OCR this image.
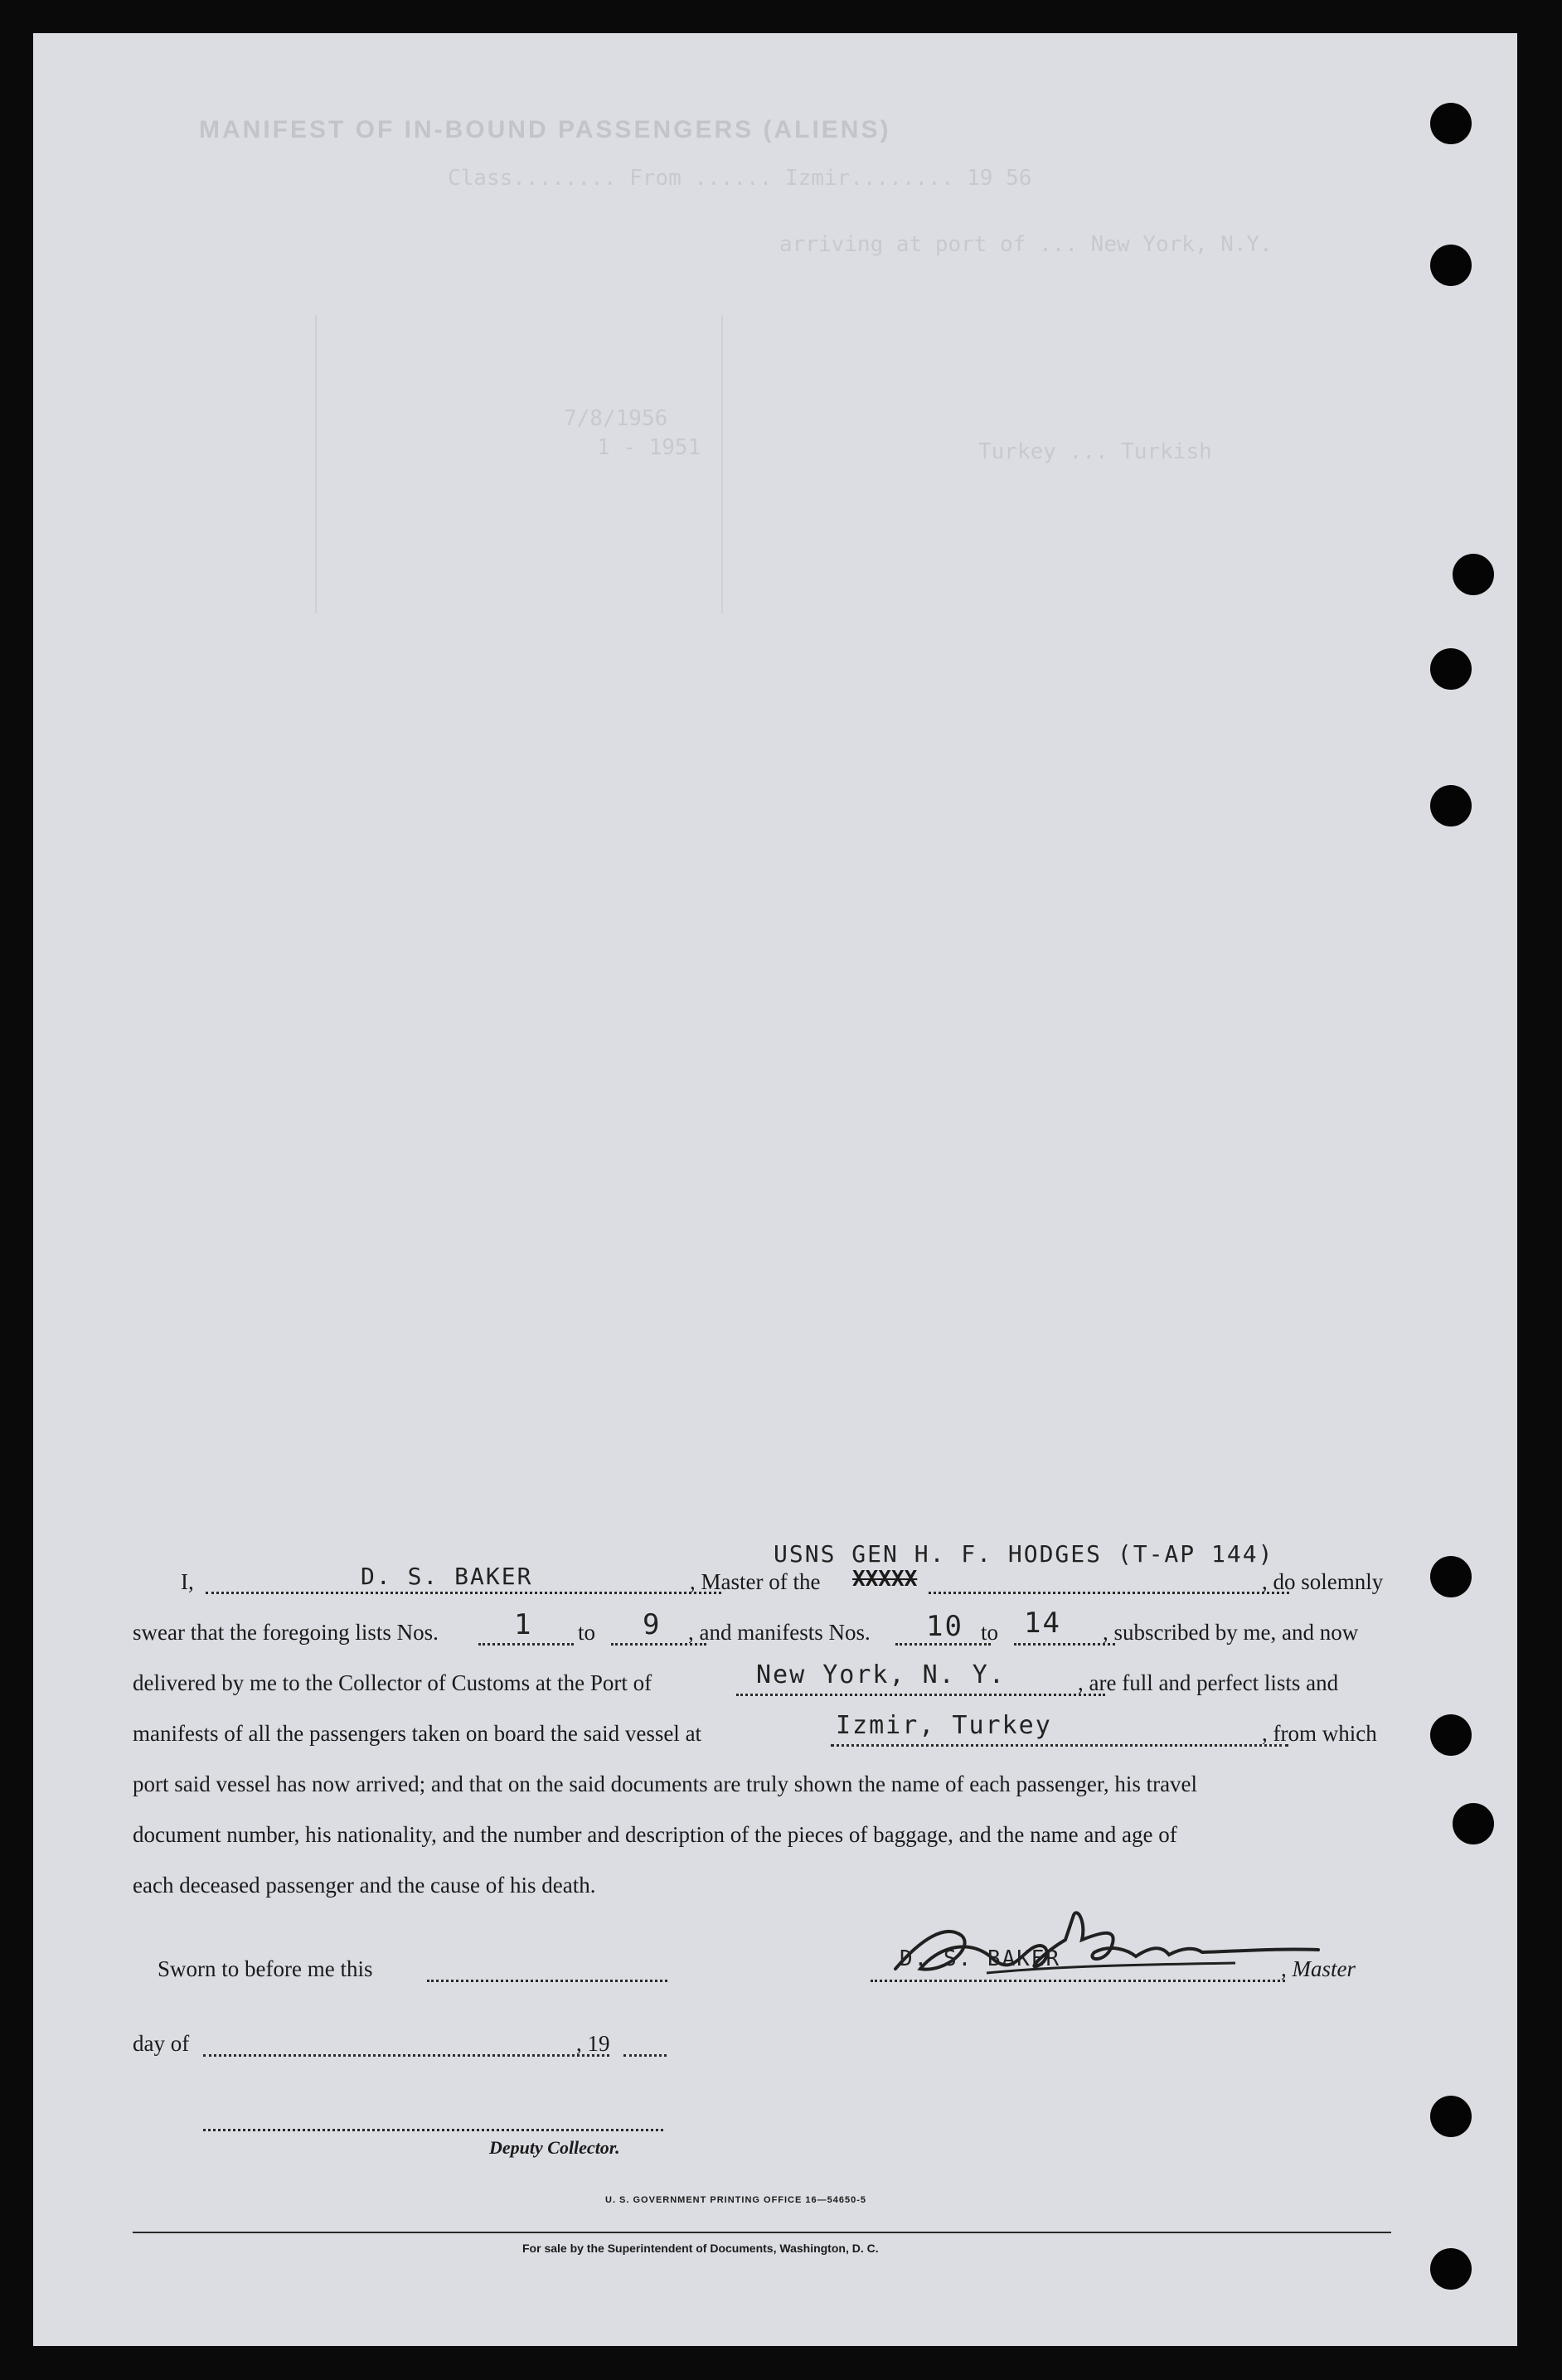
MANIFEST OF IN-BOUND PASSENGERS (ALIENS)
Class........ From ...... Izmir........ 19 56
arriving at port of ... New York, N.Y.
7/8/1956
1 - 1951	Turkey ... Turkish
USNS GEN H. F. HODGES (T-AP 144)
I,	D. S. BAKER	, Master of the XXXXX	, do solemnly
swear that the foregoing lists Nos.	1 to 9 , and manifests Nos. 10 to 14 , subscribed by me, and now
delivered by me to the Collector of Customs at the Port of	New York, N. Y.	, are full and perfect lists and
manifests of all the passengers taken on board the said vessel at	Izmir, Turkey	, from which
port said vessel has now arrived; and that on the said documents are truly shown the name of each passenger, his travel
document number, his nationality, and the number and description of the pieces of baggage, and the name and age of
each deceased passenger and the cause of his death.
Sworn to before me this	D. S. BAKER	, Master
day of	, 19
Deputy Collector.
U. S. GOVERNMENT PRINTING OFFICE 16—54650-5
For sale by the Superintendent of Documents, Washington, D. C.
